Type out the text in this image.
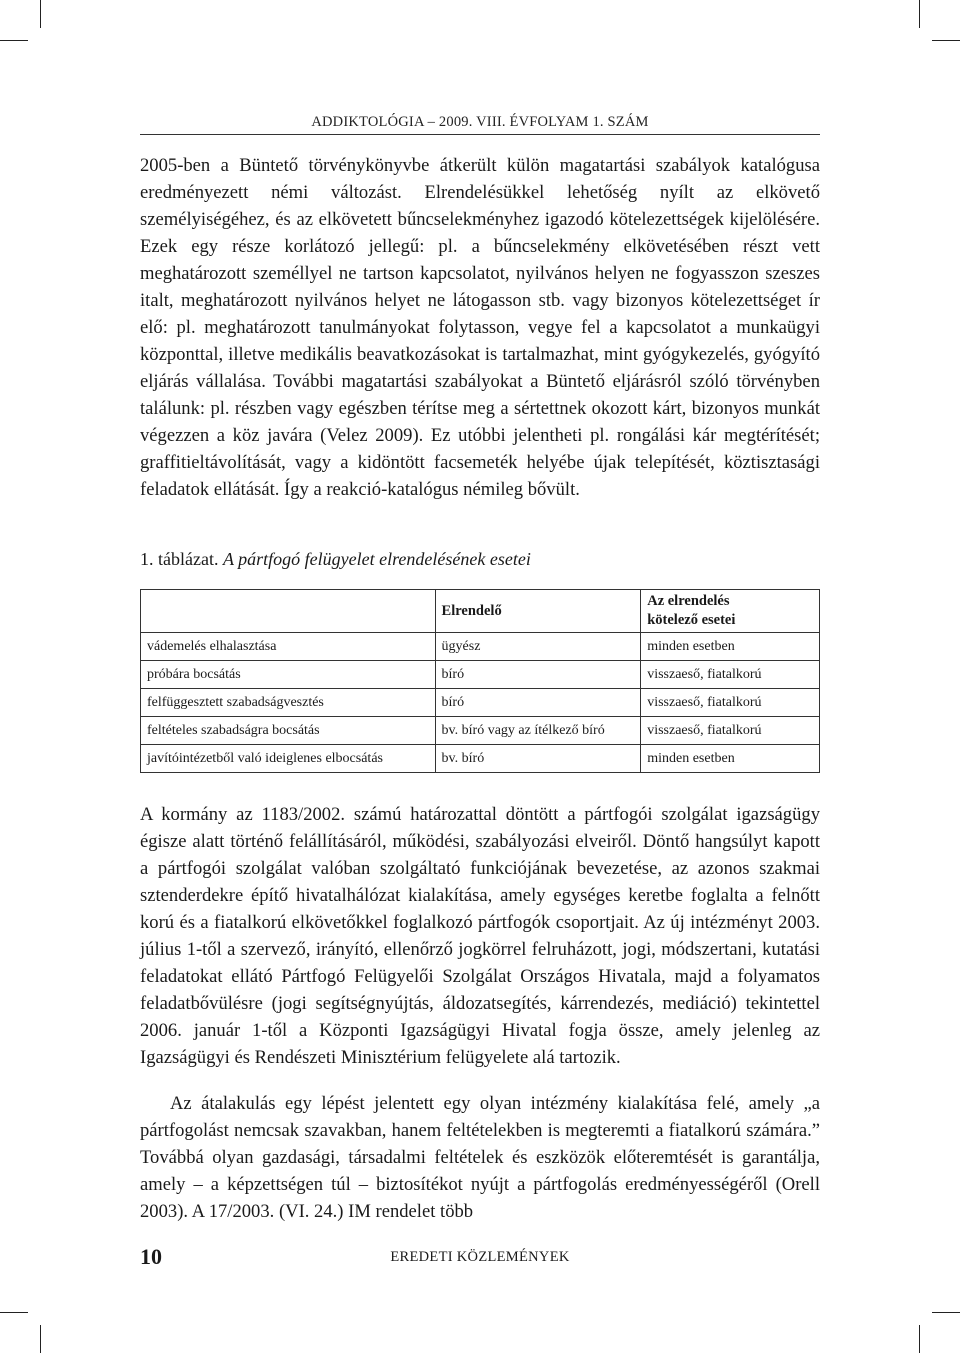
ADDIKTOLÓGIA – 2009. VIII. ÉVFOLYAM 1. SZÁM

2005-ben a Büntető törvénykönyvbe átkerült külön magatartási szabályok katalógusa eredményezett némi változást. Elrendelésükkel lehetőség nyílt az elkövető személyiségéhez, és az elkövetett bűncselekményhez igazodó kötelezettségek kijelölésére. Ezek egy része korlátozó jellegű: pl. a bűncselekmény elkövetésében részt vett meghatározott személlyel ne tartson kapcsolatot, nyilvános helyen ne fogyasszon szeszes italt, meghatározott nyilvános helyet ne látogasson stb. vagy bizonyos kötelezettséget ír elő: pl. meghatározott tanulmányokat folytasson, vegye fel a kapcsolatot a munkaügyi központtal, illetve medikális beavatkozásokat is tartalmazhat, mint gyógykezelés, gyógyító eljárás vállalása. További magatartási szabályokat a Büntető eljárásról szóló törvényben találunk: pl. részben vagy egészben térítse meg a sértettnek okozott kárt, bizonyos munkát végezzen a köz javára (Velez 2009). Ez utóbbi jelentheti pl. rongálási kár megtérítését; graffitieltávolítását, vagy a kidöntött facsemeték helyébe újak telepítését, köztisztasági feladatok ellátását. Így a reakció-katalógus némileg bővült.

1. táblázat. A pártfogó felügyelet elrendelésének esetei
	Elrendelő	Az elrendelés
kötelező esetei
vádemelés elhalasztása	ügyész	minden esetben
próbára bocsátás	bíró	visszaeső, fiatalkorú
felfüggesztett szabadságvesztés	bíró	visszaeső, fiatalkorú
feltételes szabadságra bocsátás	bv. bíró vagy az ítélkező bíró	visszaeső, fiatalkorú
javítóintézetből való ideiglenes elbocsátás	bv. bíró	minden esetben

A kormány az 1183/2002. számú határozattal döntött a pártfogói szolgálat igazságügy égisze alatt történő felállításáról, működési, szabályozási elveiről. Döntő hangsúlyt kapott a pártfogói szolgálat valóban szolgáltató funkciójának bevezetése, az azonos szakmai sztenderdekre építő hivatalhálózat kialakítása, amely egységes keretbe foglalta a felnőtt korú és a fiatalkorú elkövetőkkel foglalkozó pártfogók csoportjait. Az új intézményt 2003. július 1-től a szervező, irányító, ellenőrző jogkörrel felruházott, jogi, módszertani, kutatási feladatokat ellátó Pártfogó Felügyelői Szolgálat Országos Hivatala, majd a folyamatos feladatbővülésre (jogi segítségnyújtás, áldozatsegítés, kárrendezés, mediáció) tekintettel 2006. január 1-től a Központi Igazságügyi Hivatal fogja össze, amely jelenleg az Igazságügyi és Rendészeti Minisztérium felügyelete alá tartozik.

Az átalakulás egy lépést jelentett egy olyan intézmény kialakítása felé, amely „a pártfogolást nemcsak szavakban, hanem feltételekben is megteremti a fiatalkorú számára.” Továbbá olyan gazdasági, társadalmi feltételek és eszközök előteremtését is garantálja, amely – a képzettségen túl – biztosítékot nyújt a pártfogolás eredményességéről (Orell 2003). A 17/2003. (VI. 24.) IM rendelet több

10	EREDETI KÖZLEMÉNYEK
